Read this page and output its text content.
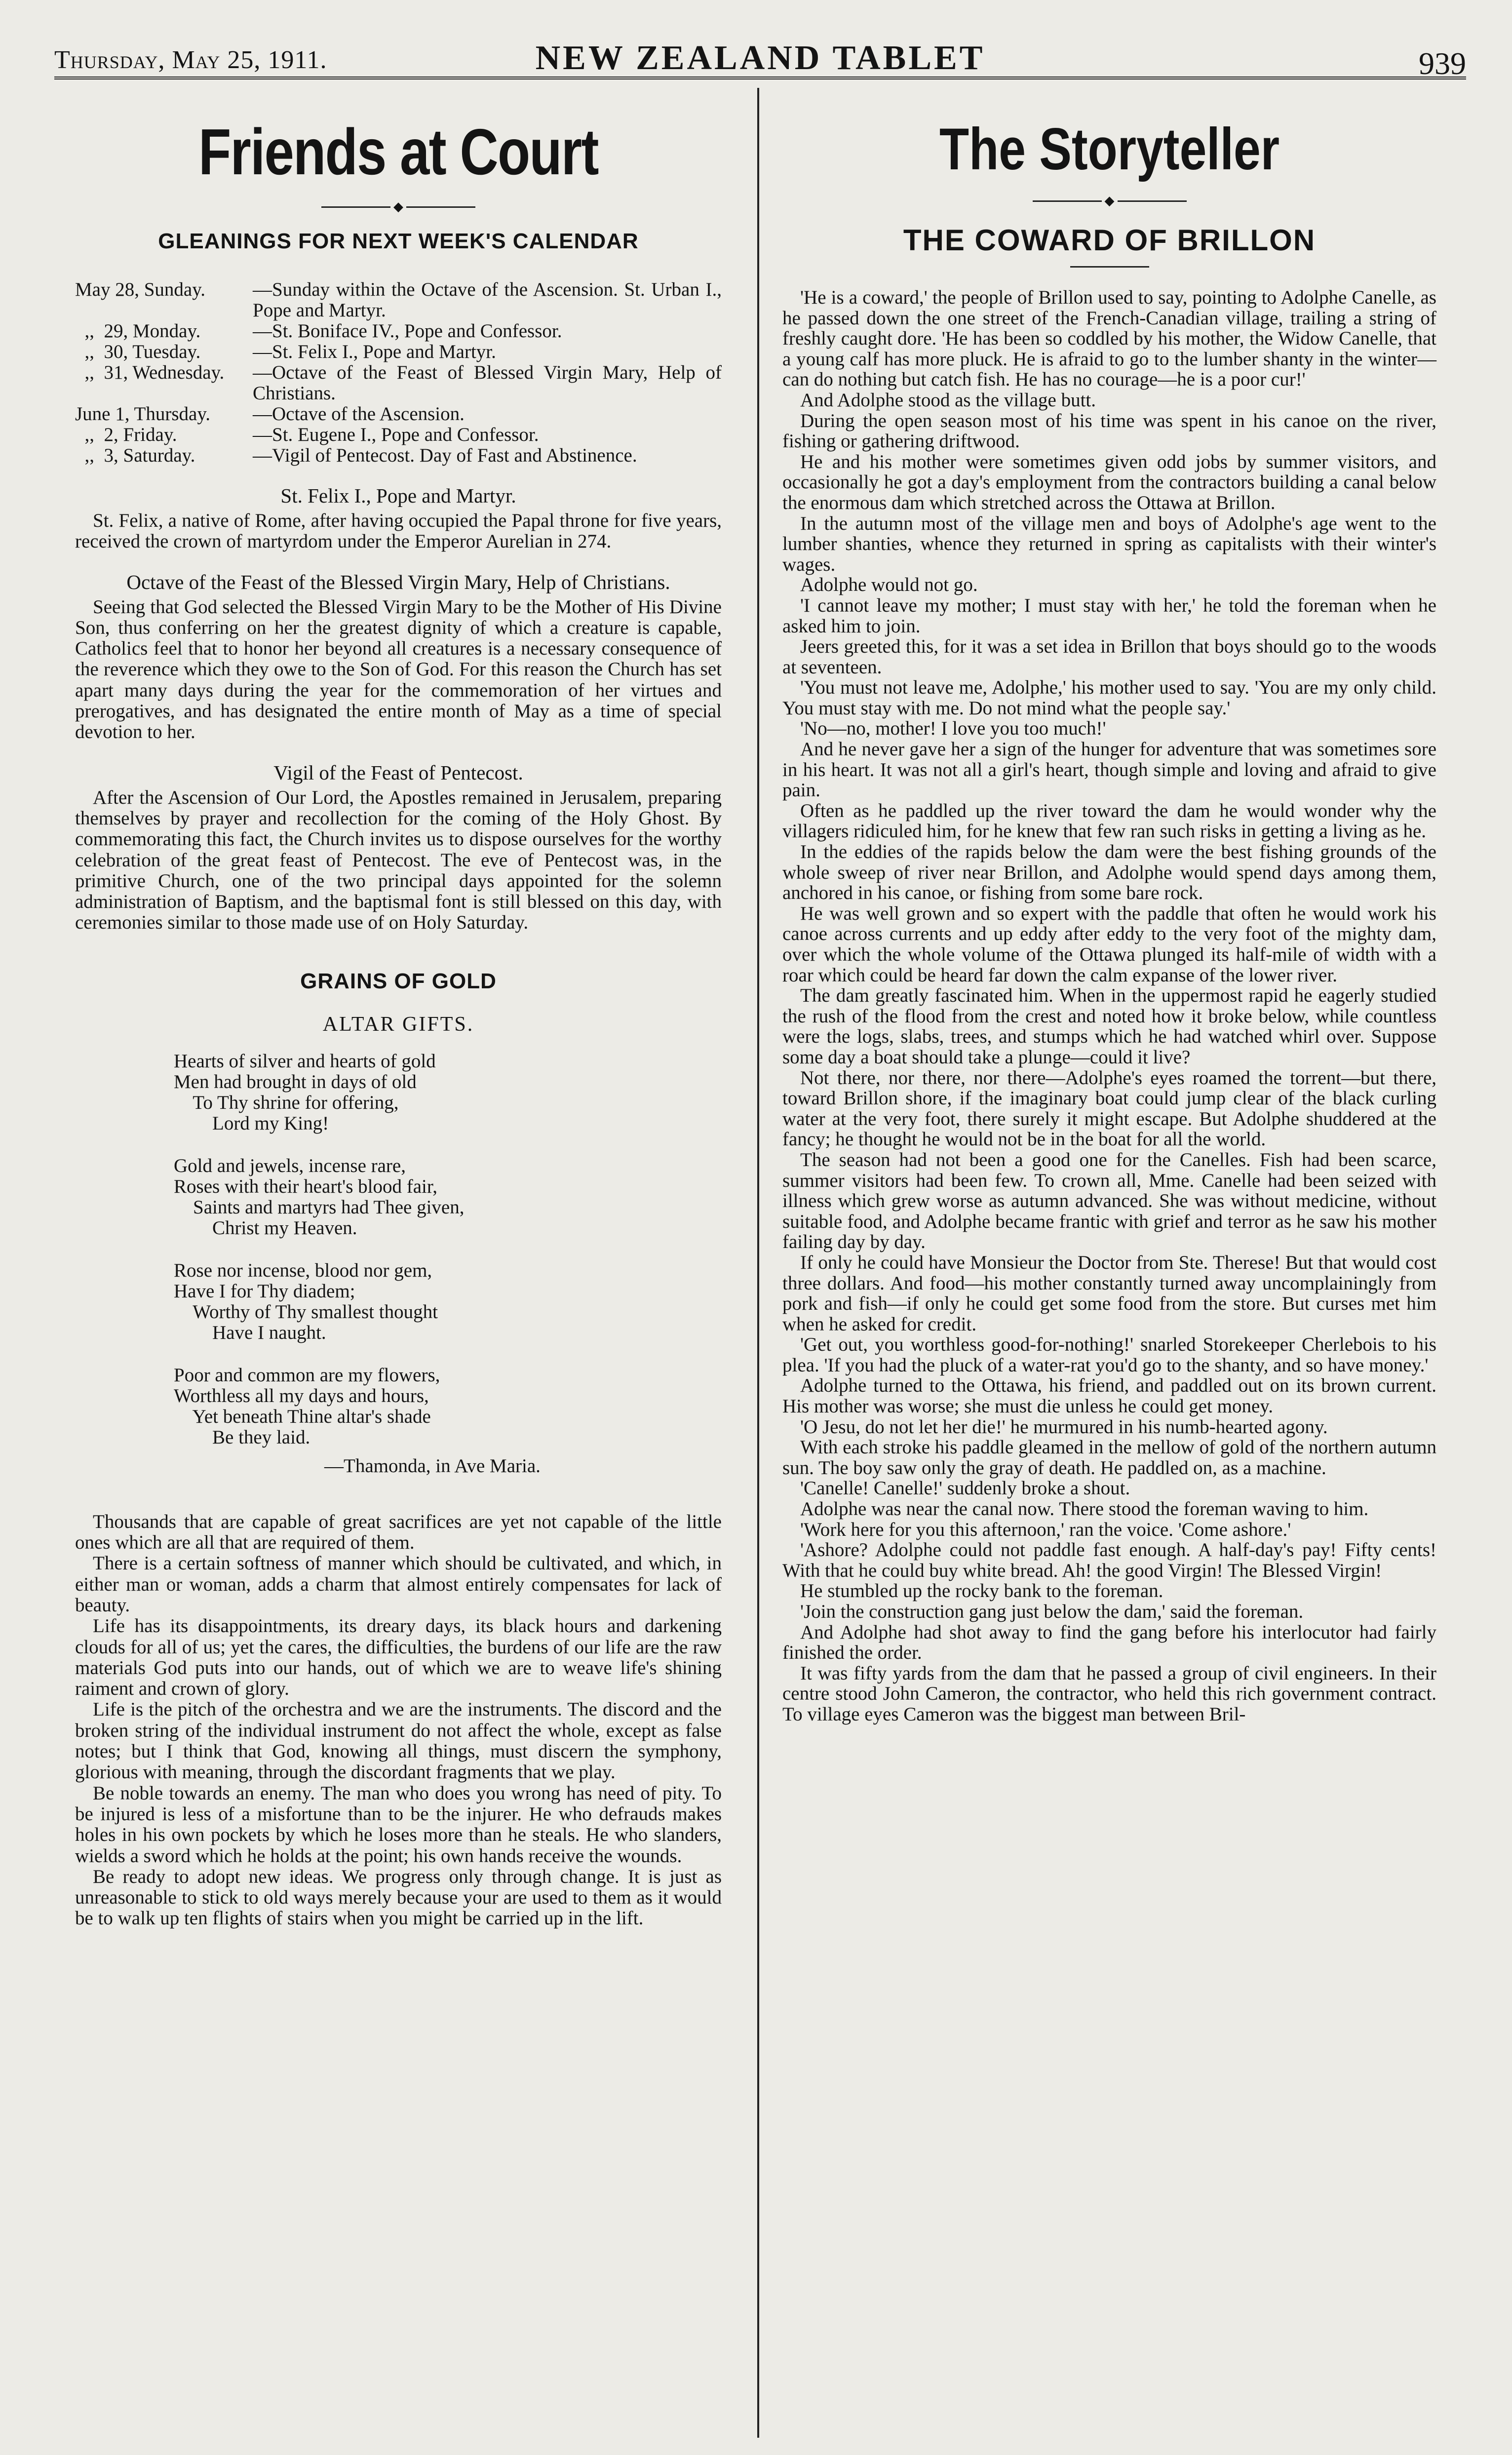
Thursday, May 25, 1911.	NEW ZEALAND TABLET	939
Friends at Court
◆
GLEANINGS FOR NEXT WEEK'S CALENDAR
May 28, Sunday.	—Sunday within the Octave of the Ascension. St. Urban I., Pope and Martyr.
,,  29, Monday.	—St. Boniface IV., Pope and Confessor.
,,  30, Tuesday.	—St. Felix I., Pope and Martyr.
,,  31, Wednesday.	—Octave of the Feast of Blessed Virgin Mary, Help of Christians.
June 1, Thursday.	—Octave of the Ascension.
,,  2, Friday.	—St. Eugene I., Pope and Confessor.
,,  3, Saturday.	—Vigil of Pentecost. Day of Fast and Abstinence.
St. Felix I., Pope and Martyr.

St. Felix, a native of Rome, after having occupied the Papal throne for five years, received the crown of martyrdom under the Emperor Aurelian in 274.

Octave of the Feast of the Blessed Virgin Mary, Help of Christians.

Seeing that God selected the Blessed Virgin Mary to be the Mother of His Divine Son, thus conferring on her the greatest dignity of which a creature is capable, Catholics feel that to honor her beyond all creatures is a necessary consequence of the reverence which they owe to the Son of God. For this reason the Church has set apart many days during the year for the commemoration of her virtues and prerogatives, and has designated the entire month of May as a time of special devotion to her.

Vigil of the Feast of Pentecost.

After the Ascension of Our Lord, the Apostles remained in Jerusalem, preparing themselves by prayer and recollection for the coming of the Holy Ghost. By commemorating this fact, the Church invites us to dispose ourselves for the worthy celebration of the great feast of Pentecost. The eve of Pentecost was, in the primitive Church, one of the two principal days appointed for the solemn administration of Baptism, and the baptismal font is still blessed on this day, with ceremonies similar to those made use of on Holy Saturday.

GRAINS OF GOLD
ALTAR GIFTS.
Hearts of silver and hearts of gold
Men had brought in days of old
To Thy shrine for offering,
Lord my King!
Gold and jewels, incense rare,
Roses with their heart's blood fair,
Saints and martyrs had Thee given,
Christ my Heaven.
Rose nor incense, blood nor gem,
Have I for Thy diadem;
Worthy of Thy smallest thought
Have I naught.
Poor and common are my flowers,
Worthless all my days and hours,
Yet beneath Thine altar's shade
Be they laid.
—Thamonda, in Ave Maria.

Thousands that are capable of great sacrifices are yet not capable of the little ones which are all that are required of them.

There is a certain softness of manner which should be cultivated, and which, in either man or woman, adds a charm that almost entirely compensates for lack of beauty.

Life has its disappointments, its dreary days, its black hours and darkening clouds for all of us; yet the cares, the difficulties, the burdens of our life are the raw materials God puts into our hands, out of which we are to weave life's shining raiment and crown of glory.

Life is the pitch of the orchestra and we are the instruments. The discord and the broken string of the individual instrument do not affect the whole, except as false notes; but I think that God, knowing all things, must discern the symphony, glorious with meaning, through the discordant fragments that we play.

Be noble towards an enemy. The man who does you wrong has need of pity. To be injured is less of a misfortune than to be the injurer. He who defrauds makes holes in his own pockets by which he loses more than he steals. He who slanders, wields a sword which he holds at the point; his own hands receive the wounds.

Be ready to adopt new ideas. We progress only through change. It is just as unreasonable to stick to old ways merely because your are used to them as it would be to walk up ten flights of stairs when you might be carried up in the lift.

The Storyteller
◆
THE COWARD OF BRILLON

'He is a coward,' the people of Brillon used to say, pointing to Adolphe Canelle, as he passed down the one street of the French-Canadian village, trailing a string of freshly caught dore. 'He has been so coddled by his mother, the Widow Canelle, that a young calf has more pluck. He is afraid to go to the lumber shanty in the winter—can do nothing but catch fish. He has no courage—he is a poor cur!'

And Adolphe stood as the village butt.

During the open season most of his time was spent in his canoe on the river, fishing or gathering driftwood.

He and his mother were sometimes given odd jobs by summer visitors, and occasionally he got a day's employment from the contractors building a canal below the enormous dam which stretched across the Ottawa at Brillon.

In the autumn most of the village men and boys of Adolphe's age went to the lumber shanties, whence they returned in spring as capitalists with their winter's wages.

Adolphe would not go.

'I cannot leave my mother; I must stay with her,' he told the foreman when he asked him to join.

Jeers greeted this, for it was a set idea in Brillon that boys should go to the woods at seventeen.

'You must not leave me, Adolphe,' his mother used to say. 'You are my only child. You must stay with me. Do not mind what the people say.'

'No—no, mother! I love you too much!'

And he never gave her a sign of the hunger for adventure that was sometimes sore in his heart. It was not all a girl's heart, though simple and loving and afraid to give pain.

Often as he paddled up the river toward the dam he would wonder why the villagers ridiculed him, for he knew that few ran such risks in getting a living as he.

In the eddies of the rapids below the dam were the best fishing grounds of the whole sweep of river near Brillon, and Adolphe would spend days among them, anchored in his canoe, or fishing from some bare rock.

He was well grown and so expert with the paddle that often he would work his canoe across currents and up eddy after eddy to the very foot of the mighty dam, over which the whole volume of the Ottawa plunged its half-mile of width with a roar which could be heard far down the calm expanse of the lower river.

The dam greatly fascinated him. When in the uppermost rapid he eagerly studied the rush of the flood from the crest and noted how it broke below, while countless were the logs, slabs, trees, and stumps which he had watched whirl over. Suppose some day a boat should take a plunge—could it live?

Not there, nor there, nor there—Adolphe's eyes roamed the torrent—but there, toward Brillon shore, if the imaginary boat could jump clear of the black curling water at the very foot, there surely it might escape. But Adolphe shuddered at the fancy; he thought he would not be in the boat for all the world.

The season had not been a good one for the Canelles. Fish had been scarce, summer visitors had been few. To crown all, Mme. Canelle had been seized with illness which grew worse as autumn advanced. She was without medicine, without suitable food, and Adolphe became frantic with grief and terror as he saw his mother failing day by day.

If only he could have Monsieur the Doctor from Ste. Therese! But that would cost three dollars. And food—his mother constantly turned away uncomplainingly from pork and fish—if only he could get some food from the store. But curses met him when he asked for credit.

'Get out, you worthless good-for-nothing!' snarled Storekeeper Cherlebois to his plea. 'If you had the pluck of a water-rat you'd go to the shanty, and so have money.'

Adolphe turned to the Ottawa, his friend, and paddled out on its brown current. His mother was worse; she must die unless he could get money.

'O Jesu, do not let her die!' he murmured in his numb-hearted agony.

With each stroke his paddle gleamed in the mellow of gold of the northern autumn sun. The boy saw only the gray of death. He paddled on, as a machine.

'Canelle! Canelle!' suddenly broke a shout.

Adolphe was near the canal now. There stood the foreman waving to him.

'Work here for you this afternoon,' ran the voice. 'Come ashore.'

'Ashore? Adolphe could not paddle fast enough. A half-day's pay! Fifty cents! With that he could buy white bread. Ah! the good Virgin! The Blessed Virgin!

He stumbled up the rocky bank to the foreman.

'Join the construction gang just below the dam,' said the foreman.

And Adolphe had shot away to find the gang before his interlocutor had fairly finished the order.

It was fifty yards from the dam that he passed a group of civil engineers. In their centre stood John Cameron, the contractor, who held this rich government contract. To village eyes Cameron was the biggest man between Bril-
